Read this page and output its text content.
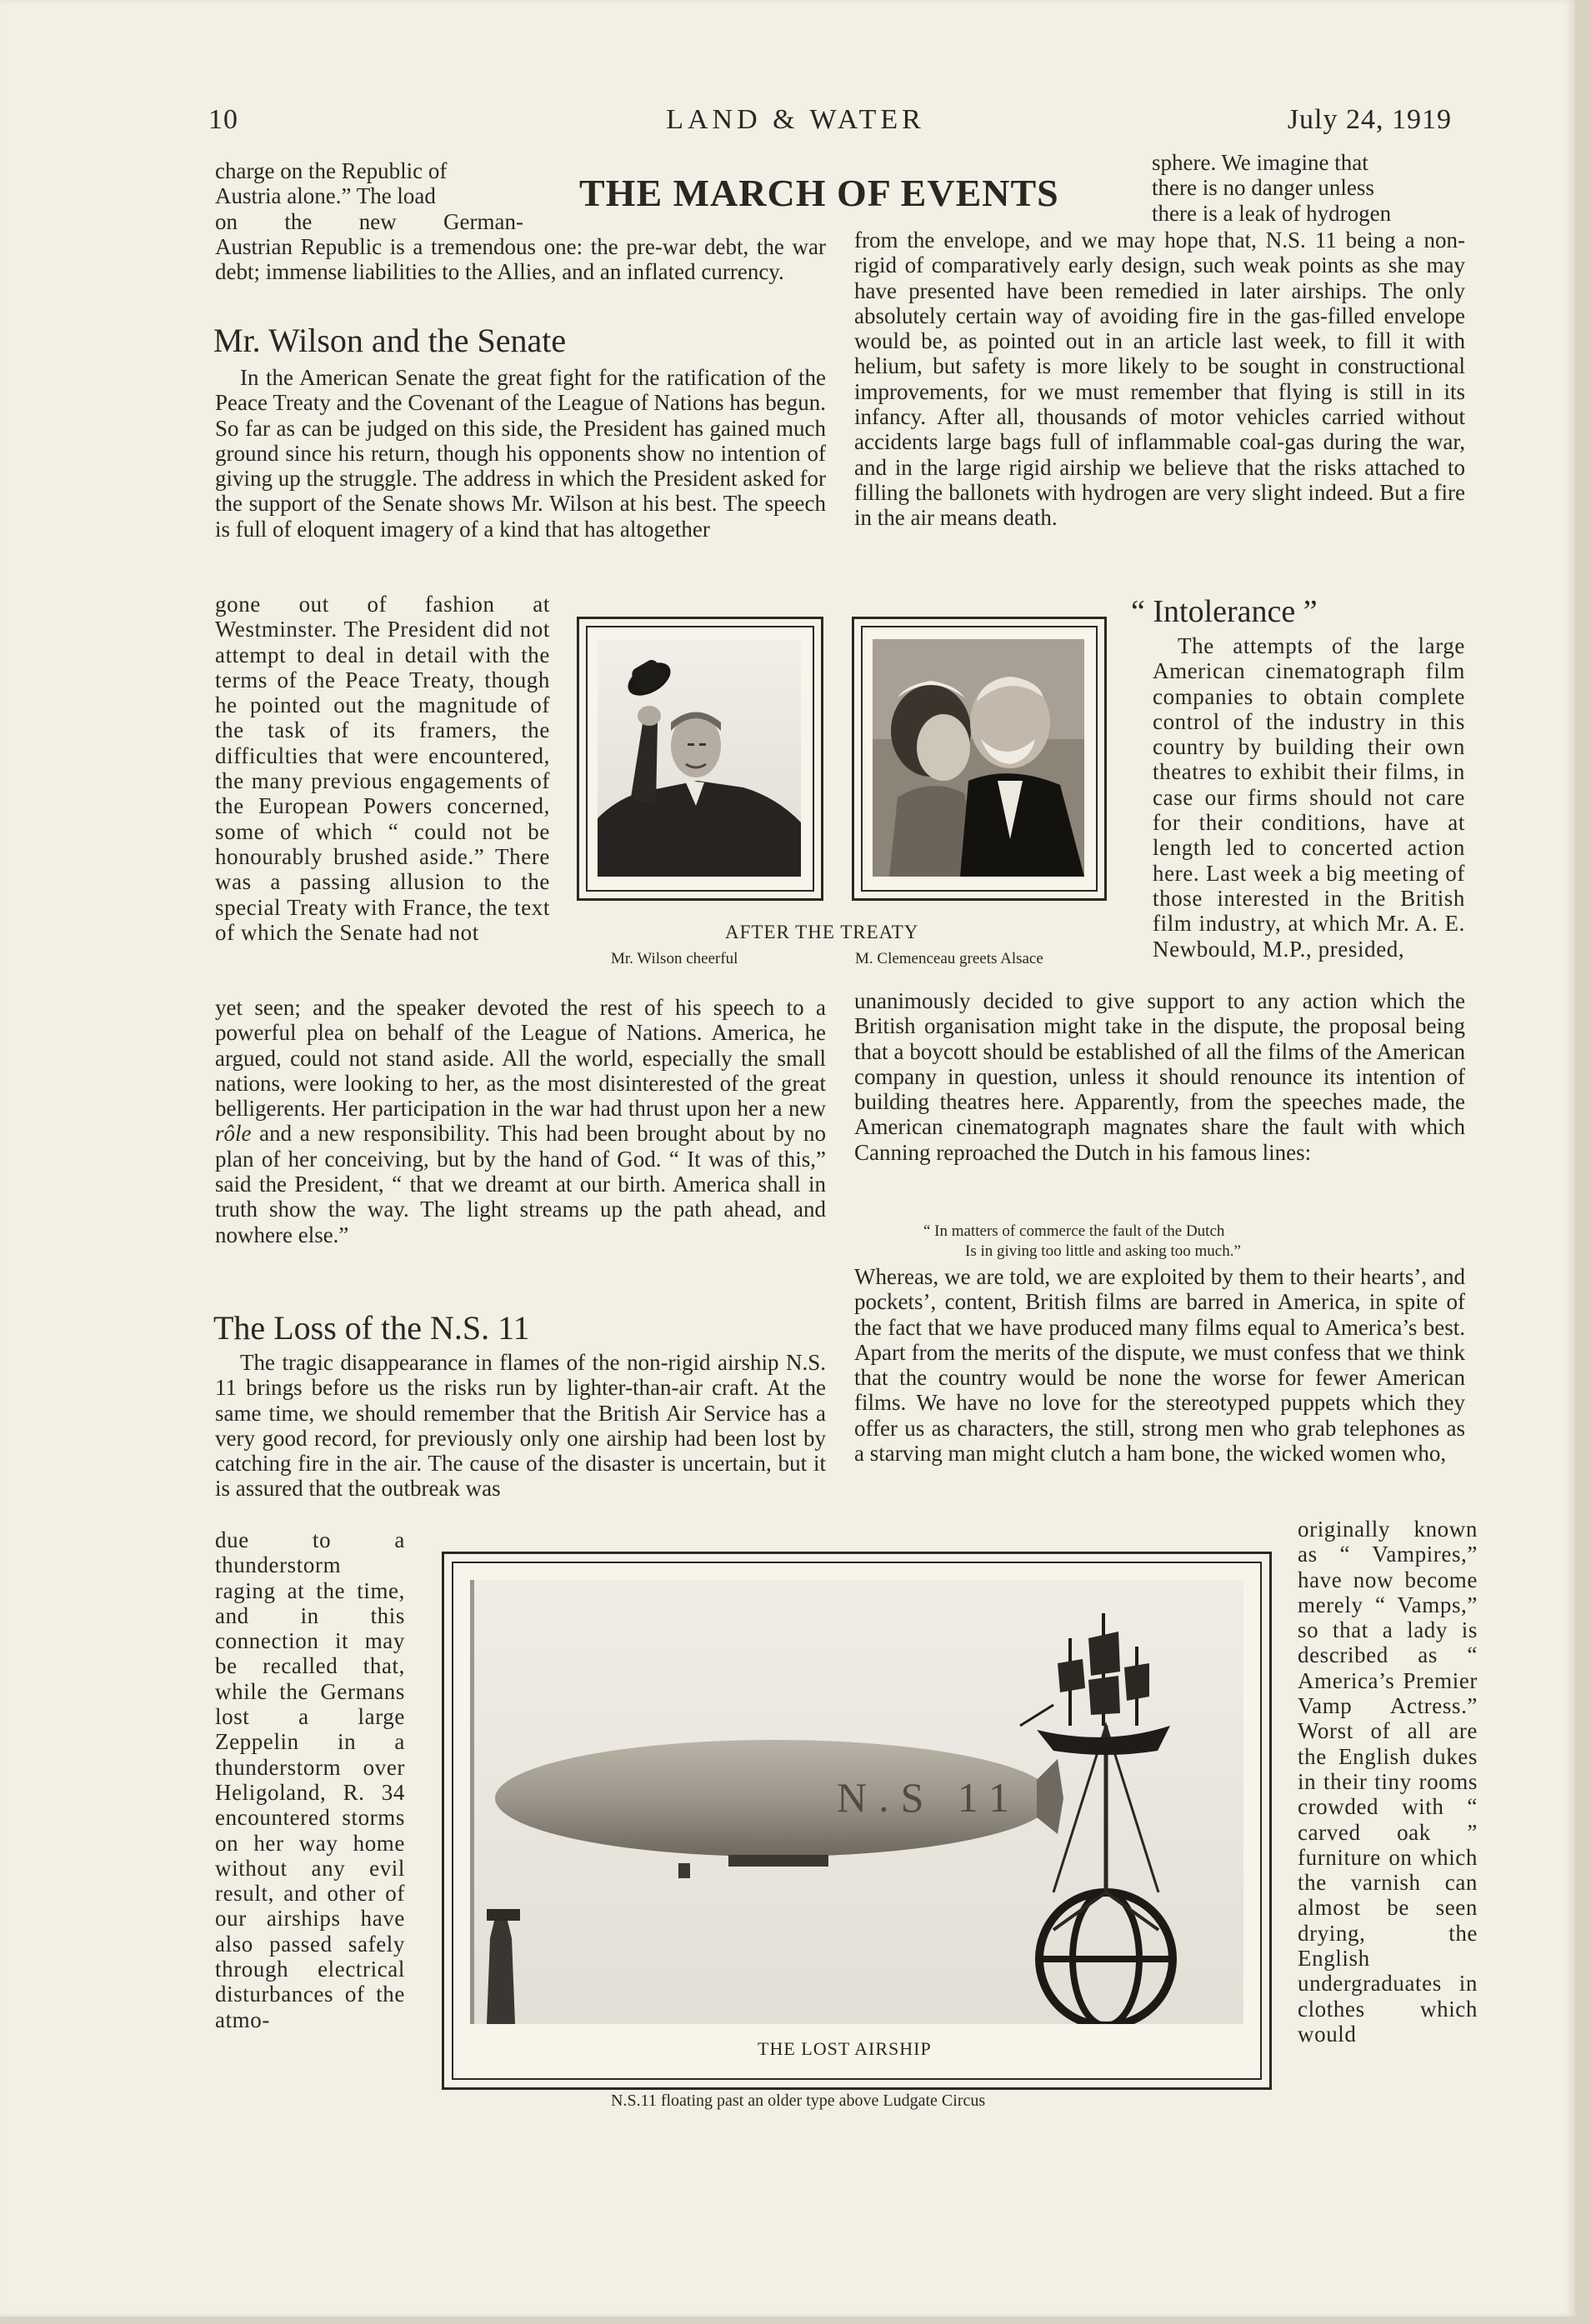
10	LAND & WATER	July 24, 1919
THE MARCH OF EVENTS

charge on the Republic of

Austria alone.” The load

on the new German-

Austrian Republic is a tremendous one: the pre-war debt, the war debt; immense liabilities to the Allies, and an inflated currency.

Mr. Wilson and the Senate

In the American Senate the great fight for the ratification of the Peace Treaty and the Covenant of the League of Nations has begun. So far as can be judged on this side, the President has gained much ground since his return, though his opponents show no intention of giving up the struggle. The address in which the President asked for the support of the Senate shows Mr. Wilson at his best. The speech is full of eloquent imagery of a kind that has altogether

gone out of fashion at Westminster. The President did not attempt to deal in detail with the terms of the Peace Treaty, though he pointed out the magnitude of the task of its framers, the difficulties that were encountered, the many previous engagements of the European Powers concerned, some of which “ could not be honourably brushed aside.” There was a passing allusion to the special Treaty with France, the text of which the Senate had not

yet seen; and the speaker devoted the rest of his speech to a powerful plea on behalf of the League of Nations. America, he argued, could not stand aside. All the world, especially the small nations, were looking to her, as the most disinterested of the great belligerents. Her participation in the war had thrust upon her a new rôle and a new responsibility. This had been brought about by no plan of her conceiving, but by the hand of God. “ It was of this,” said the President, “ that we dreamt at our birth. America shall in truth show the way. The light streams up the path ahead, and nowhere else.”

The Loss of the N.S. 11

The tragic disappearance in flames of the non-rigid airship N.S. 11 brings before us the risks run by lighter-than-air craft. At the same time, we should remember that the British Air Service has a very good record, for previously only one airship had been lost by catching fire in the air. The cause of the disaster is uncertain, but it is assured that the outbreak was

due to a thunderstorm raging at the time, and in this connection it may be recalled that, while the Germans lost a large Zeppelin in a thunderstorm over Heligoland, R. 34 encountered storms on her way home without any evil result, and other of our airships have also passed safely through electrical disturbances of the atmo-

sphere. We imagine that

there is no danger unless

there is a leak of hydrogen

from the envelope, and we may hope that, N.S. 11 being a non-rigid of comparatively early design, such weak points as she may have presented have been remedied in later airships. The only absolutely certain way of avoiding fire in the gas-filled envelope would be, as pointed out in an article last week, to fill it with helium, but safety is more likely to be sought in constructional improvements, for we must remember that flying is still in its infancy. After all, thousands of motor vehicles carried without accidents large bags full of inflammable coal-gas during the war, and in the large rigid airship we believe that the risks attached to filling the ballonets with hydrogen are very slight indeed. But a fire in the air means death.

“ Intolerance ”

The attempts of the large American cinematograph film companies to obtain complete control of the industry in this country by building their own theatres to exhibit their films, in case our firms should not care for their conditions, have at length led to concerted action here. Last week a big meeting of those interested in the British film industry, at which Mr. A. E. Newbould, M.P., presided,

unanimously decided to give support to any action which the British organisation might take in the dispute, the proposal being that a boycott should be established of all the films of the American company in question, unless it should renounce its intention of building theatres here. Apparently, from the speeches made, the American cinematograph magnates share the fault with which Canning reproached the Dutch in his famous lines:

“ In matters of commerce the fault of the Dutch
Is in giving too little and asking too much.”

Whereas, we are told, we are exploited by them to their hearts’, and pockets’, content, British films are barred in America, in spite of the fact that we have produced many films equal to America’s best. Apart from the merits of the dispute, we must confess that we think that the country would be none the worse for fewer American films. We have no love for the stereotyped puppets which they offer us as characters, the still, strong men who grab telephones as a starving man might clutch a ham bone, the wicked women who,

originally known as “ Vampires,” have now become merely “ Vamps,” so that a lady is described as “ America’s Premier Vamp Actress.” Worst of all are the English dukes in their tiny rooms crowded with “ carved oak ” furniture on which the varnish can almost be seen drying, the English undergraduates in clothes which would

AFTER THE TREATY
Mr. Wilson cheerful	M. Clemenceau greets Alsace
N.S 11
THE LOST AIRSHIP
N.S.11 floating past an older type above Ludgate Circus
